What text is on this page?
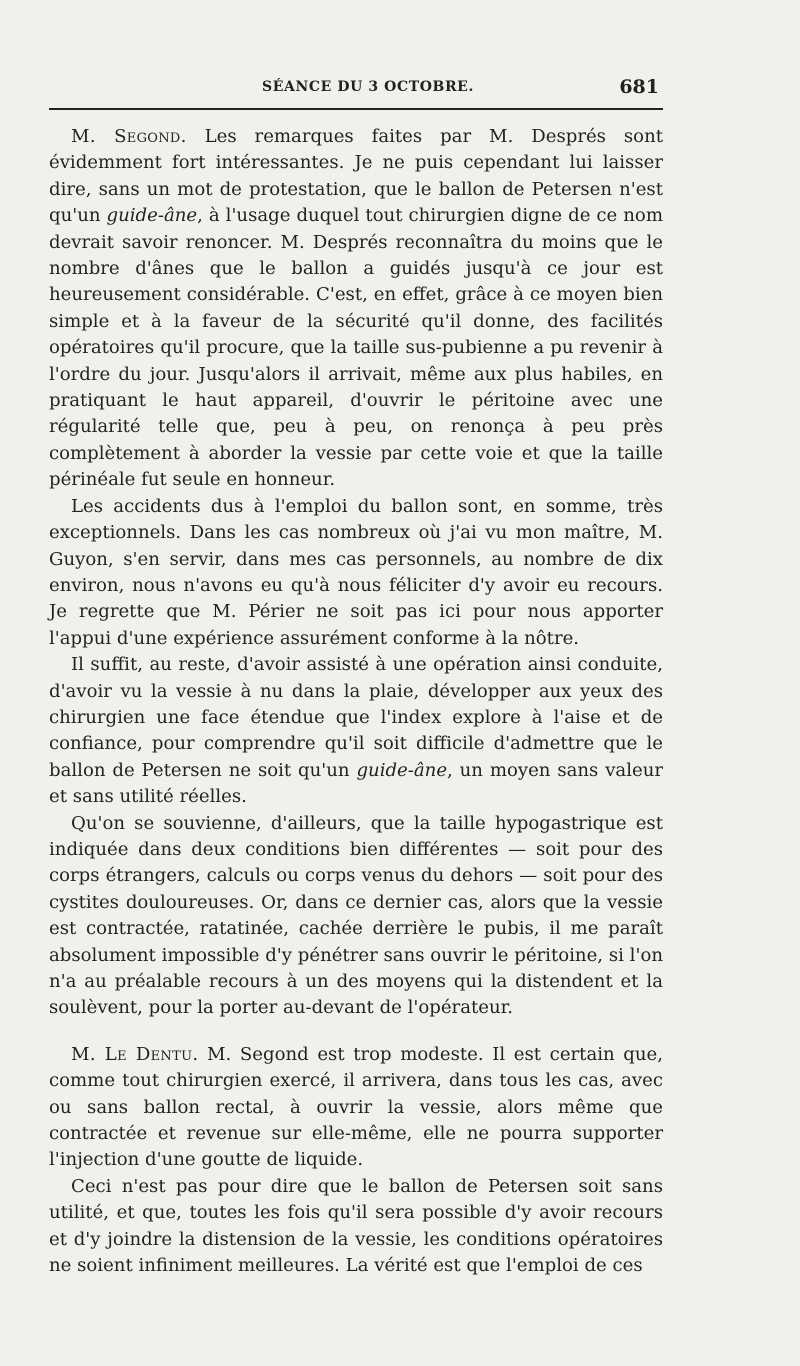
SÉANCE DU 3 OCTOBRE.	681

M. Segond. Les remarques faites par M. Després sont évidemment fort intéressantes. Je ne puis cependant lui laisser dire, sans un mot de protestation, que le ballon de Petersen n'est qu'un guide-âne, à l'usage duquel tout chirurgien digne de ce nom devrait savoir renoncer. M. Després reconnaîtra du moins que le nombre d'ânes que le ballon a guidés jusqu'à ce jour est heureusement considérable. C'est, en effet, grâce à ce moyen bien simple et à la faveur de la sécurité qu'il donne, des facilités opératoires qu'il procure, que la taille sus-pubienne a pu revenir à l'ordre du jour. Jusqu'alors il arrivait, même aux plus habiles, en pratiquant le haut appareil, d'ouvrir le péritoine avec une régularité telle que, peu à peu, on renonça à peu près complètement à aborder la vessie par cette voie et que la taille périnéale fut seule en honneur.

Les accidents dus à l'emploi du ballon sont, en somme, très exceptionnels. Dans les cas nombreux où j'ai vu mon maître, M. Guyon, s'en servir, dans mes cas personnels, au nombre de dix environ, nous n'avons eu qu'à nous féliciter d'y avoir eu recours. Je regrette que M. Périer ne soit pas ici pour nous apporter l'appui d'une expérience assurément conforme à la nôtre.

Il suffit, au reste, d'avoir assisté à une opération ainsi conduite, d'avoir vu la vessie à nu dans la plaie, développer aux yeux des chirurgien une face étendue que l'index explore à l'aise et de confiance, pour comprendre qu'il soit difficile d'admettre que le ballon de Petersen ne soit qu'un guide-âne, un moyen sans valeur et sans utilité réelles.

Qu'on se souvienne, d'ailleurs, que la taille hypogastrique est indiquée dans deux conditions bien différentes — soit pour des corps étrangers, calculs ou corps venus du dehors — soit pour des cystites douloureuses. Or, dans ce dernier cas, alors que la vessie est contractée, ratatinée, cachée derrière le pubis, il me paraît absolument impossible d'y pénétrer sans ouvrir le péritoine, si l'on n'a au préalable recours à un des moyens qui la distendent et la soulèvent, pour la porter au-devant de l'opérateur.

M. Le Dentu. M. Segond est trop modeste. Il est certain que, comme tout chirurgien exercé, il arrivera, dans tous les cas, avec ou sans ballon rectal, à ouvrir la vessie, alors même que contractée et revenue sur elle-même, elle ne pourra supporter l'injection d'une goutte de liquide.

Ceci n'est pas pour dire que le ballon de Petersen soit sans utilité, et que, toutes les fois qu'il sera possible d'y avoir recours et d'y joindre la distension de la vessie, les conditions opératoires ne soient infiniment meilleures. La vérité est que l'emploi de ces
